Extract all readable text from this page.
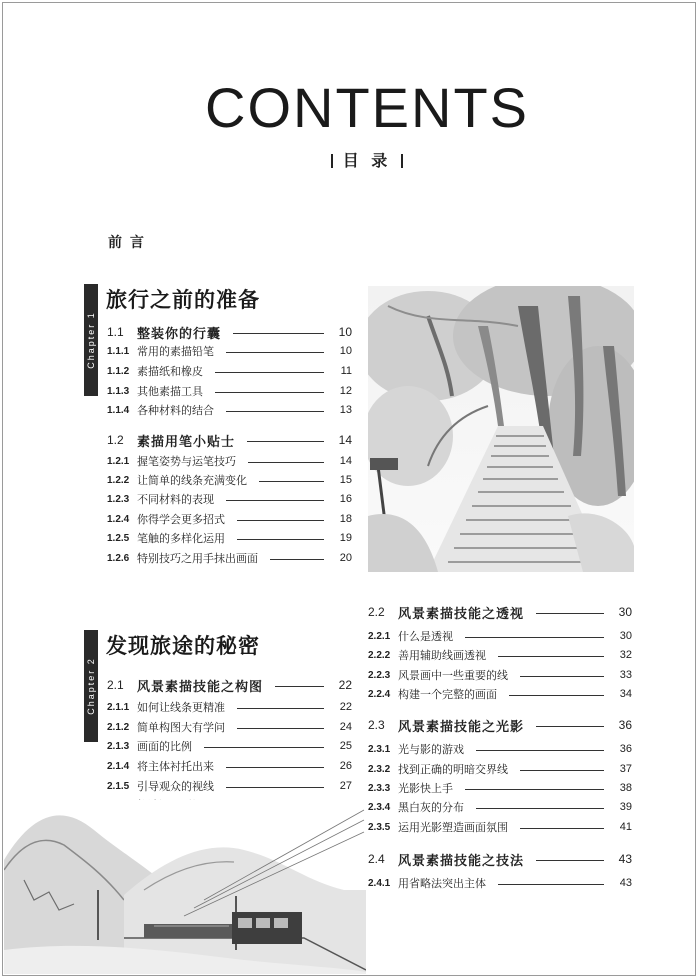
CONTENTS
目 录
前 言
Chapter 1
旅行之前的准备
1.1	整装你的行囊	10
1.1.1 常用的素描铅笔	10
1.1.2 素描纸和橡皮	11
1.1.3 其他素描工具	12
1.1.4 各种材料的结合	13
1.2	素描用笔小贴士	14
1.2.1 握笔姿势与运笔技巧	14
1.2.2 让简单的线条充满变化	15
1.2.3 不同材料的表现	16
1.2.4 你得学会更多招式	18
1.2.5 笔触的多样化运用	19
1.2.6 特别技巧之用手抹出画面	20
Chapter 2
发现旅途的秘密
2.1	风景素描技能之构图	22
2.1.1 如何让线条更精准	22
2.1.2 简单构图大有学问	24
2.1.3 画面的比例	25
2.1.4 将主体衬托出来	26
2.1.5 引导观众的视线	27
2.2	风景素描技能之透视	30
2.2.1 什么是透视	30
2.2.2 善用辅助线画透视	32
2.2.3 风景画中一些重要的线	33
2.2.4 构建一个完整的画面	34
2.3	风景素描技能之光影	36
2.3.1 光与影的游戏	36
2.3.2 找到正确的明暗交界线	37
2.3.3 光影快上手	38
2.3.4 黑白灰的分布	39
2.3.5 运用光影塑造画面氛围	41
2.4	风景素描技能之技法	43
2.4.1 用省略法突出主体	43
